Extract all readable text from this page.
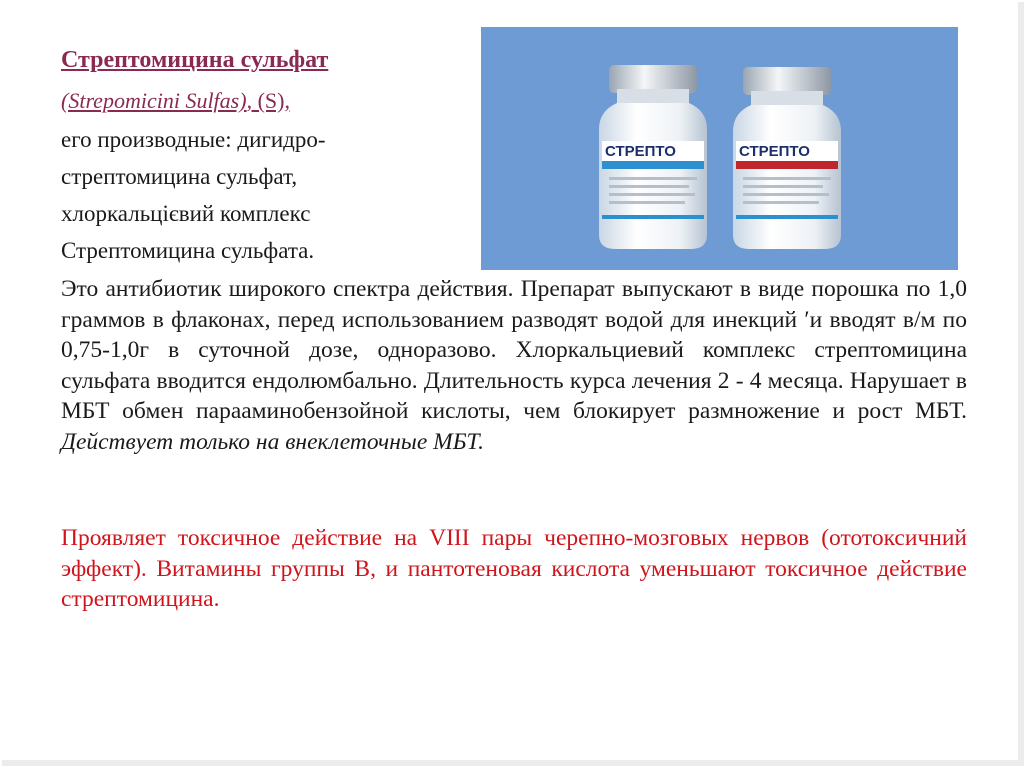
Стрептомицина сульфат
(Strepomicini Sulfas), (S),
его производные: дигидро-
стрептомицина сульфат,
хлоркальцієвий комплекс
Стрептомицина сульфата.
СТРЕПТО	СТРЕПТО

Это антибиотик широкого спектра действия. Препарат выпускают в виде порошка по 1,0 граммов в флаконах, перед использованием разводят водой для инекций ′и вводят в/м по 0,75-1,0г в суточной дозе, одноразово. Хлоркальциевий комплекс стрептомицина сульфата вводится ендолюмбально. Длительность курса лечения 2 - 4 месяца. Нарушает в МБТ обмен парааминобензойной кислоты, чем блокирует размножение и рост МБТ. Действует только на внеклеточные МБТ.

Проявляет токсичное действие на VIII пары черепно-мозговых нервов (ототоксичний эффект). Витамины группы В, и пантотеновая кислота уменьшают токсичное действие стрептомицина.
